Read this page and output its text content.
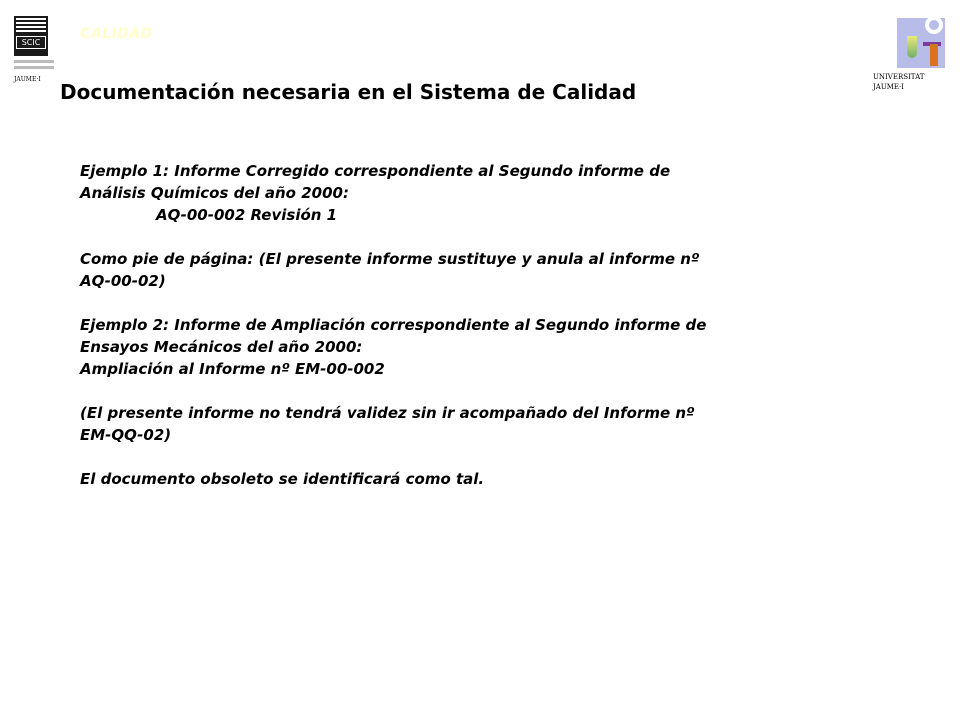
SCIC
JAUME·I
CALIDAD
Documentación necesaria en el Sistema de Calidad
UNIVERSITAT
JAUME·I

Ejemplo 1: Informe Corregido correspondiente al Segundo informe de

Análisis Químicos del año 2000:

AQ-00-002 Revisión 1

Como pie de página: (El presente informe sustituye y anula al informe nº

AQ-00-02)

Ejemplo 2: Informe de Ampliación correspondiente al Segundo informe de

Ensayos Mecánicos del año 2000:

Ampliación al Informe nº EM-00-002

(El presente informe no tendrá validez sin ir acompañado del Informe nº

EM-QQ-02)

El documento obsoleto se identificará como tal.
